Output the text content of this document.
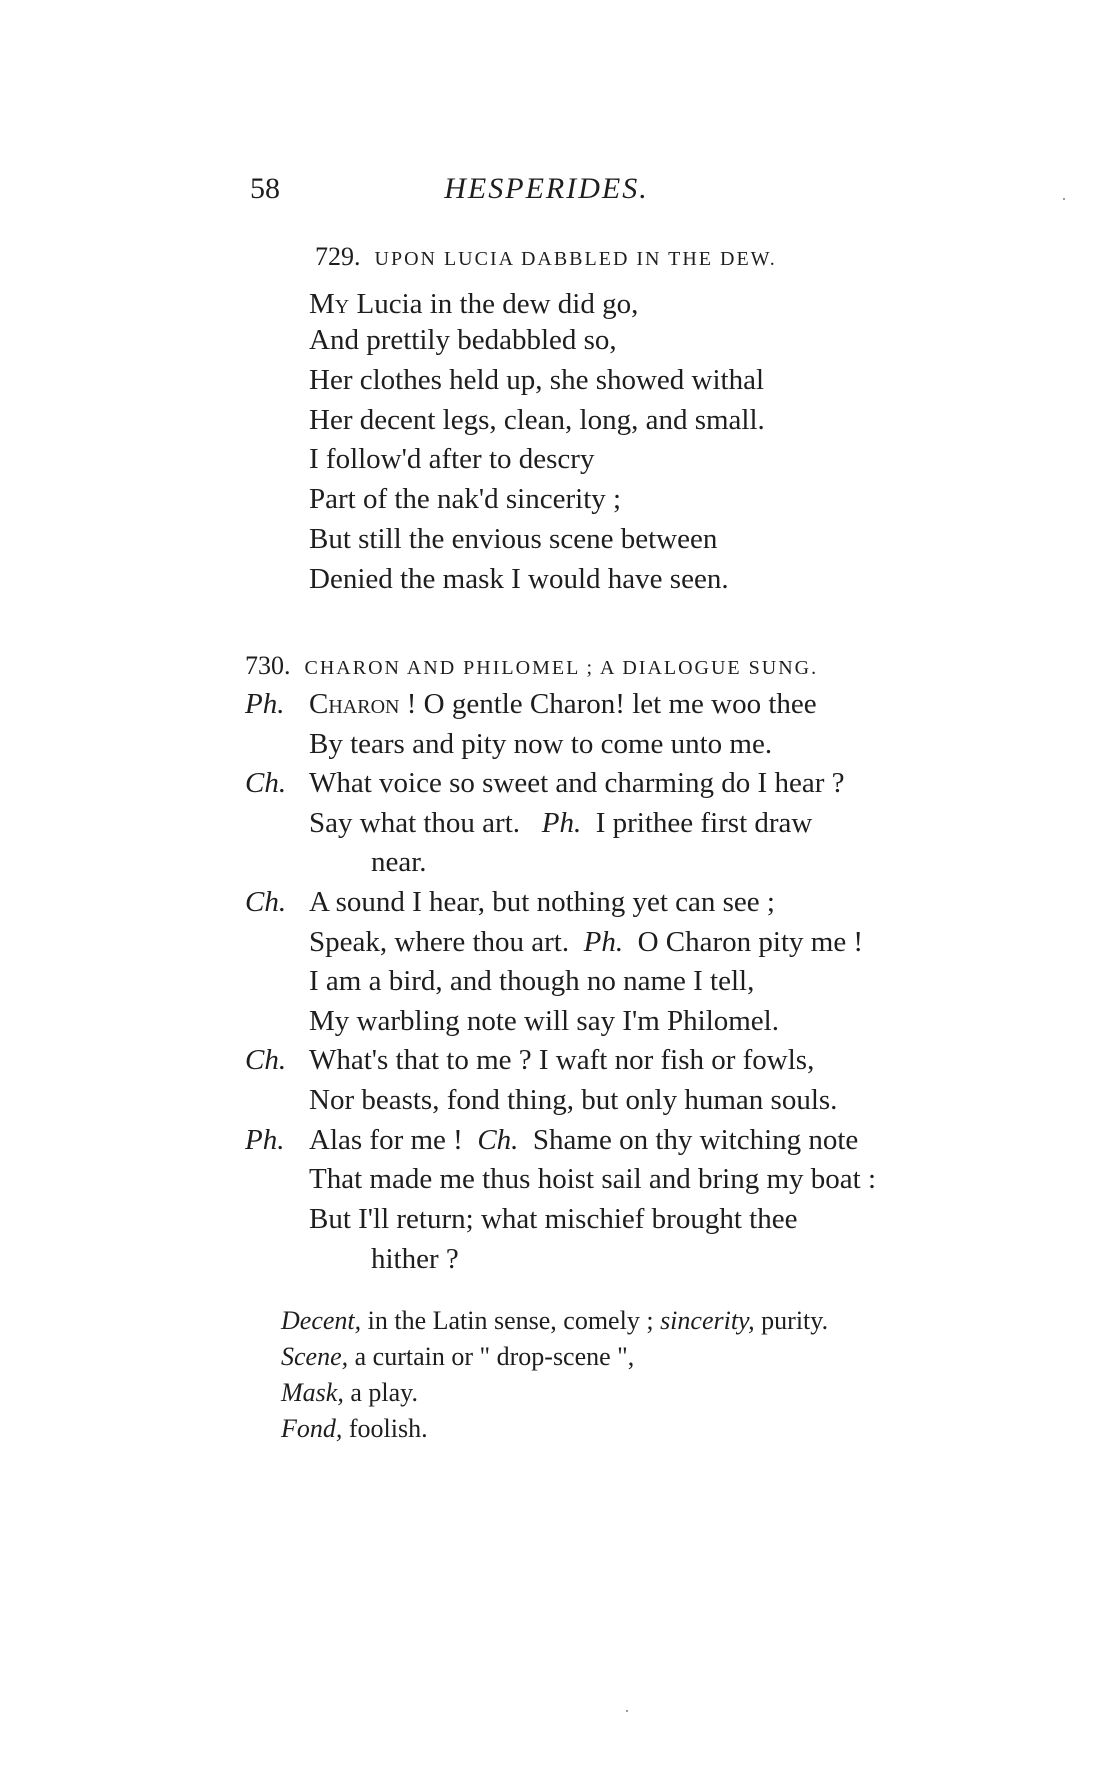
58	HESPERIDES.
729. UPON LUCIA DABBLED IN THE DEW.
My Lucia in the dew did go,
And prettily bedabbled so,
Her clothes held up, she showed withal
Her decent legs, clean, long, and small.
I follow'd after to descry
Part of the nak'd sincerity ;
But still the envious scene between
Denied the mask I would have seen.
730. CHARON AND PHILOMEL ; A DIALOGUE SUNG.
Ph. Charon ! O gentle Charon! let me woo thee
By tears and pity now to come unto me.
Ch. What voice so sweet and charming do I hear ?
Say what thou art. Ph. I prithee first draw
near.
Ch. A sound I hear, but nothing yet can see ;
Speak, where thou art. Ph. O Charon pity me !
I am a bird, and though no name I tell,
My warbling note will say I'm Philomel.
Ch. What's that to me ? I waft nor fish or fowls,
Nor beasts, fond thing, but only human souls.
Ph. Alas for me ! Ch. Shame on thy witching note
That made me thus hoist sail and bring my boat :
But I'll return; what mischief brought thee
hither ?
Decent, in the Latin sense, comely ; sincerity, purity.
Scene, a curtain or " drop-scene ",
Mask, a play.
Fond, foolish.
